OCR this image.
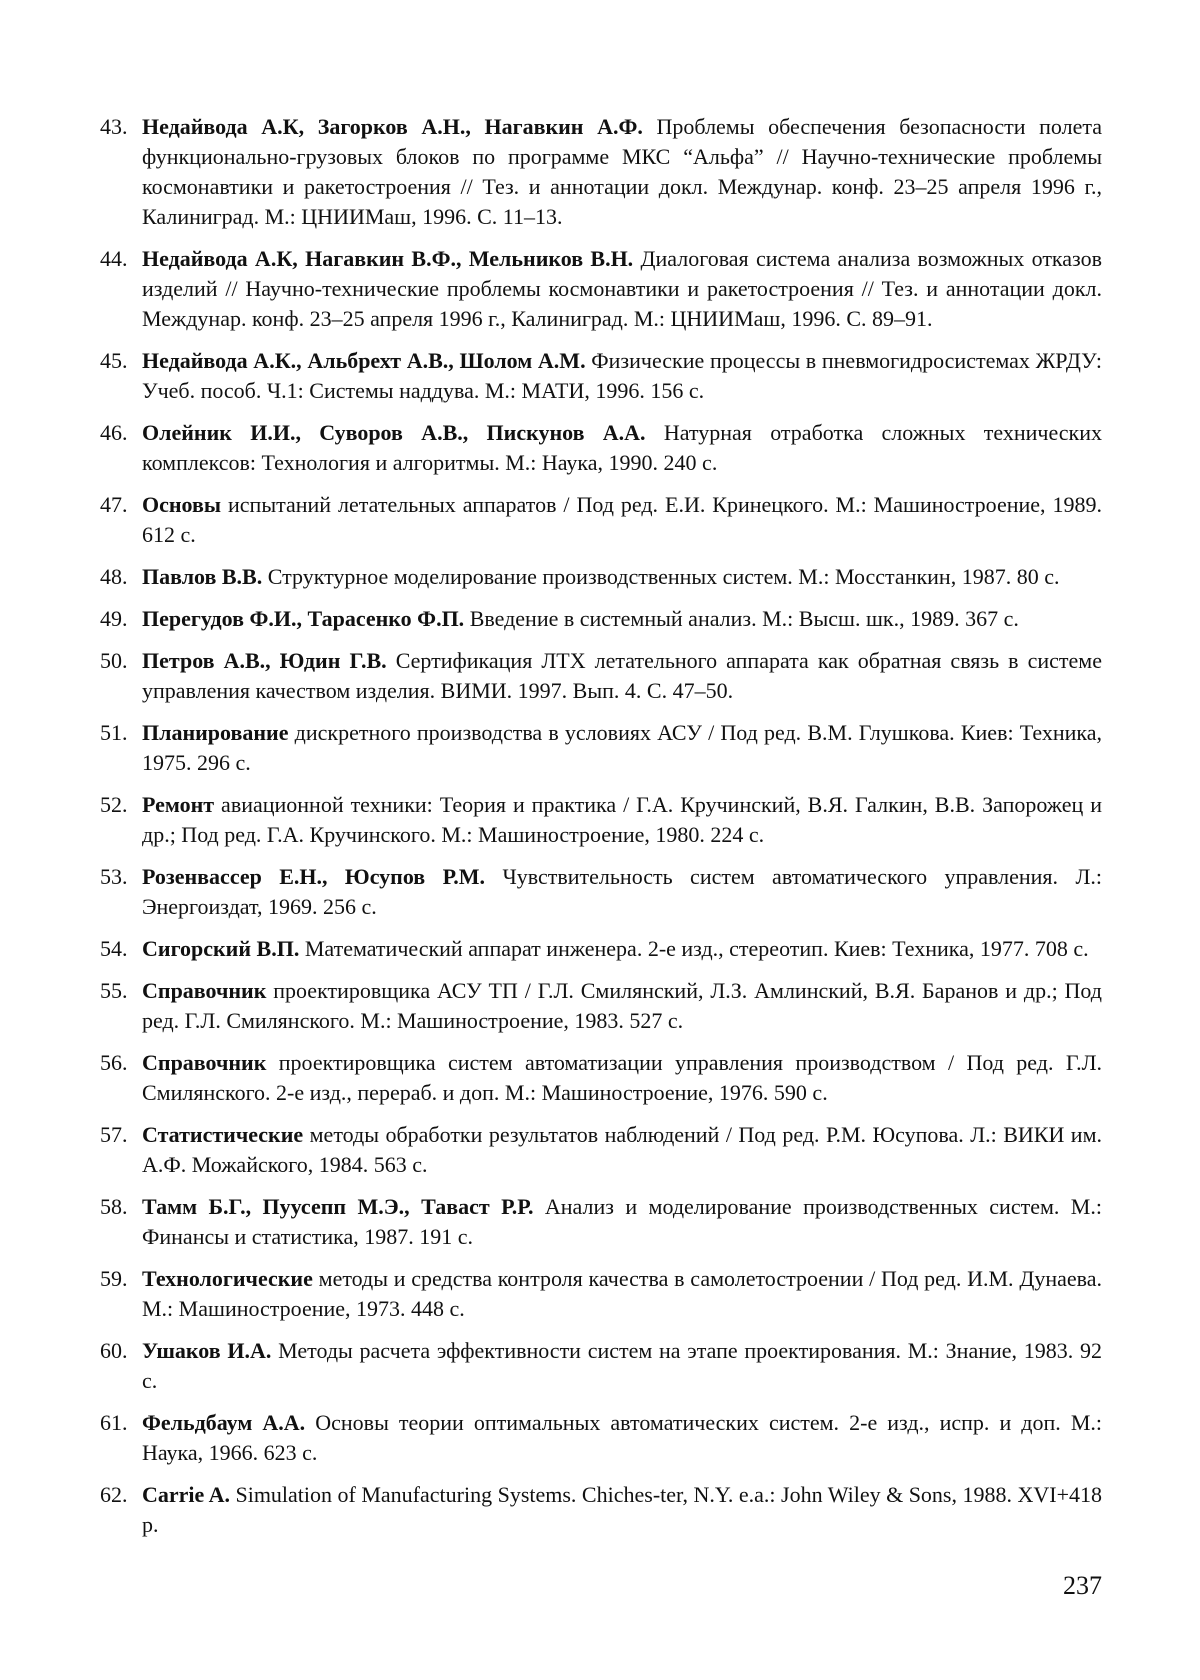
43. Недайвода А.К, Загорков А.Н., Нагавкин А.Ф. Проблемы обеспечения безопасности полета функционально-грузовых блоков по программе МКС “Альфа” // Научно-технические проблемы космонавтики и ракетостроения // Тез. и аннотации докл. Междунар. конф. 23–25 апреля 1996 г., Калиниград. М.: ЦНИИМаш, 1996. С. 11–13.
44. Недайвода А.К, Нагавкин В.Ф., Мельников В.Н. Диалоговая система анализа возможных отказов изделий // Научно-технические проблемы космонавтики и ракетостроения // Тез. и аннотации докл. Междунар. конф. 23–25 апреля 1996 г., Калиниград. М.: ЦНИИМаш, 1996. С. 89–91.
45. Недайвода А.К., Альбрехт А.В., Шолом А.М. Физические процессы в пневмогидросистемах ЖРДУ: Учеб. пособ. Ч.1: Системы наддува. М.: МАТИ, 1996. 156 с.
46. Олейник И.И., Суворов А.В., Пискунов А.А. Натурная отработка сложных технических комплексов: Технология и алгоритмы. М.: Наука, 1990. 240 с.
47. Основы испытаний летательных аппаратов / Под ред. Е.И. Кринецкого. М.: Машиностроение, 1989. 612 с.
48. Павлов В.В. Структурное моделирование производственных систем. М.: Мосстанкин, 1987. 80 с.
49. Перегудов Ф.И., Тарасенко Ф.П. Введение в системный анализ. М.: Высш. шк., 1989. 367 с.
50. Петров А.В., Юдин Г.В. Сертификация ЛТХ летательного аппарата как обратная связь в системе управления качеством изделия. ВИМИ. 1997. Вып. 4. С. 47–50.
51. Планирование дискретного производства в условиях АСУ / Под ред. В.М. Глушкова. Киев: Техника, 1975. 296 с.
52. Ремонт авиационной техники: Теория и практика / Г.А. Кручинский, В.Я. Галкин, В.В. Запорожец и др.; Под ред. Г.А. Кручинского. М.: Машиностроение, 1980. 224 с.
53. Розенвассер Е.Н., Юсупов Р.М. Чувствительность систем автоматического управления. Л.: Энергоиздат, 1969. 256 с.
54. Сигорский В.П. Математический аппарат инженера. 2-е изд., стереотип. Киев: Техника, 1977. 708 с.
55. Справочник проектировщика АСУ ТП / Г.Л. Смилянский, Л.З. Амлинский, В.Я. Баранов и др.; Под ред. Г.Л. Смилянского. М.: Машиностроение, 1983. 527 с.
56. Справочник проектировщика систем автоматизации управления производством / Под ред. Г.Л. Смилянского. 2-е изд., перераб. и доп. М.: Машиностроение, 1976. 590 с.
57. Статистические методы обработки результатов наблюдений / Под ред. Р.М. Юсупова. Л.: ВИКИ им. А.Ф. Можайского, 1984. 563 с.
58. Тамм Б.Г., Пуусепп М.Э., Таваст Р.Р. Анализ и моделирование производственных систем. М.: Финансы и статистика, 1987. 191 с.
59. Технологические методы и средства контроля качества в самолетостроении / Под ред. И.М. Дунаева. М.: Машиностроение, 1973. 448 с.
60. Ушаков И.А. Методы расчета эффективности систем на этапе проектирования. М.: Знание, 1983. 92 с.
61. Фельдбаум А.А. Основы теории оптимальных автоматических систем. 2-е изд., испр. и доп. М.: Наука, 1966. 623 с.
62. Carrie A. Simulation of Manufacturing Systems. Chiches-ter, N.Y. e.a.: John Wiley & Sons, 1988. XVI+418 p.
237
